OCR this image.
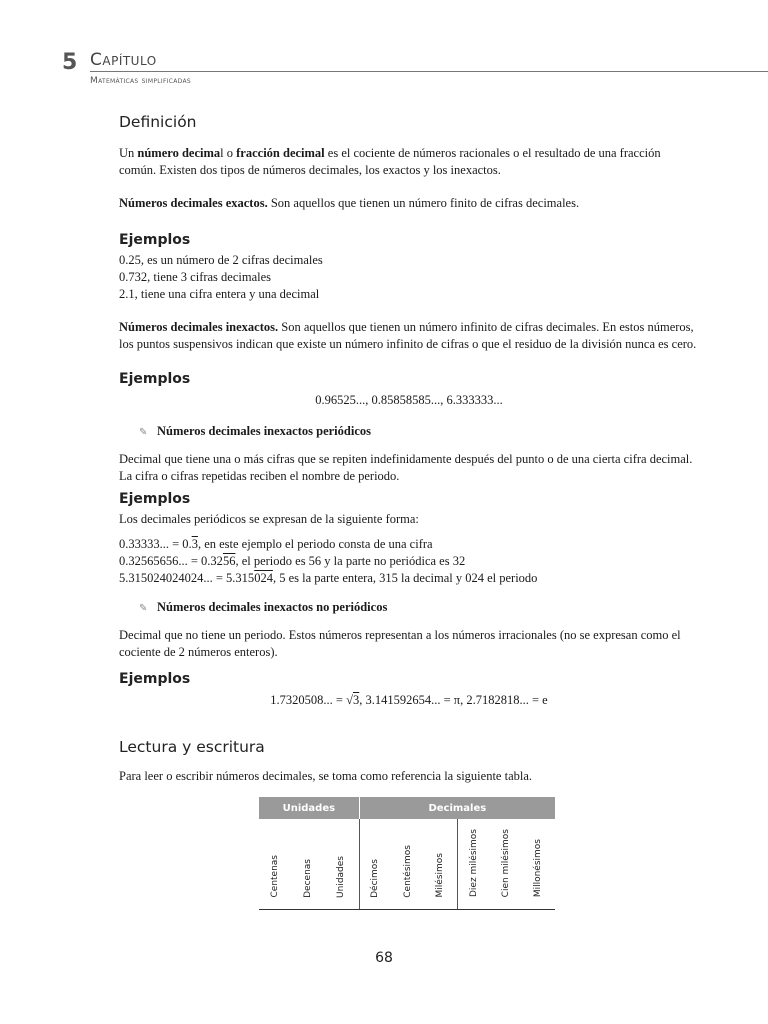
5 Capítulo
Matemáticas simplificadas
Definición

Un número decimal o fracción decimal es el cociente de números racionales o el resultado de una fracción común. Existen dos tipos de números decimales, los exactos y los inexactos.

Números decimales exactos. Son aquellos que tienen un número finito de cifras decimales.

Ejemplos

0.25, es un número de 2 cifras decimales

0.732, tiene 3 cifras decimales

2.1, tiene una cifra entera y una decimal

Números decimales inexactos. Son aquellos que tienen un número infinito de cifras decimales. En estos números, los puntos suspensivos indican que existe un número infinito de cifras o que el residuo de la división nunca es cero.

Ejemplos

0.96525..., 0.85858585..., 6.333333...

✎ Números decimales inexactos periódicos

Decimal que tiene una o más cifras que se repiten indefinidamente después del punto o de una cierta cifra decimal. La cifra o cifras repetidas reciben el nombre de periodo.

Ejemplos

Los decimales periódicos se expresan de la siguiente forma:

0.33333... = 0.3, en este ejemplo el periodo consta de una cifra

0.32565656... = 0.3256, el periodo es 56 y la parte no periódica es 32

5.315024024024... = 5.315024, 5 es la parte entera, 315 la decimal y 024 el periodo

✎ Números decimales inexactos no periódicos

Decimal que no tiene un periodo. Estos números representan a los números irracionales (no se expresan como el cociente de 2 números enteros).

Ejemplos

1.7320508... = √3, 3.141592654... = π, 2.7182818... = e

Lectura y escritura

Para leer o escribir números decimales, se toma como referencia la siguiente tabla.

Unidades			Decimales					
Centenas	Decenas	Unidades	Décimos	Centésimos	Milésimos	Diez milésimos	Cien milésimos	Millonésimos
68
